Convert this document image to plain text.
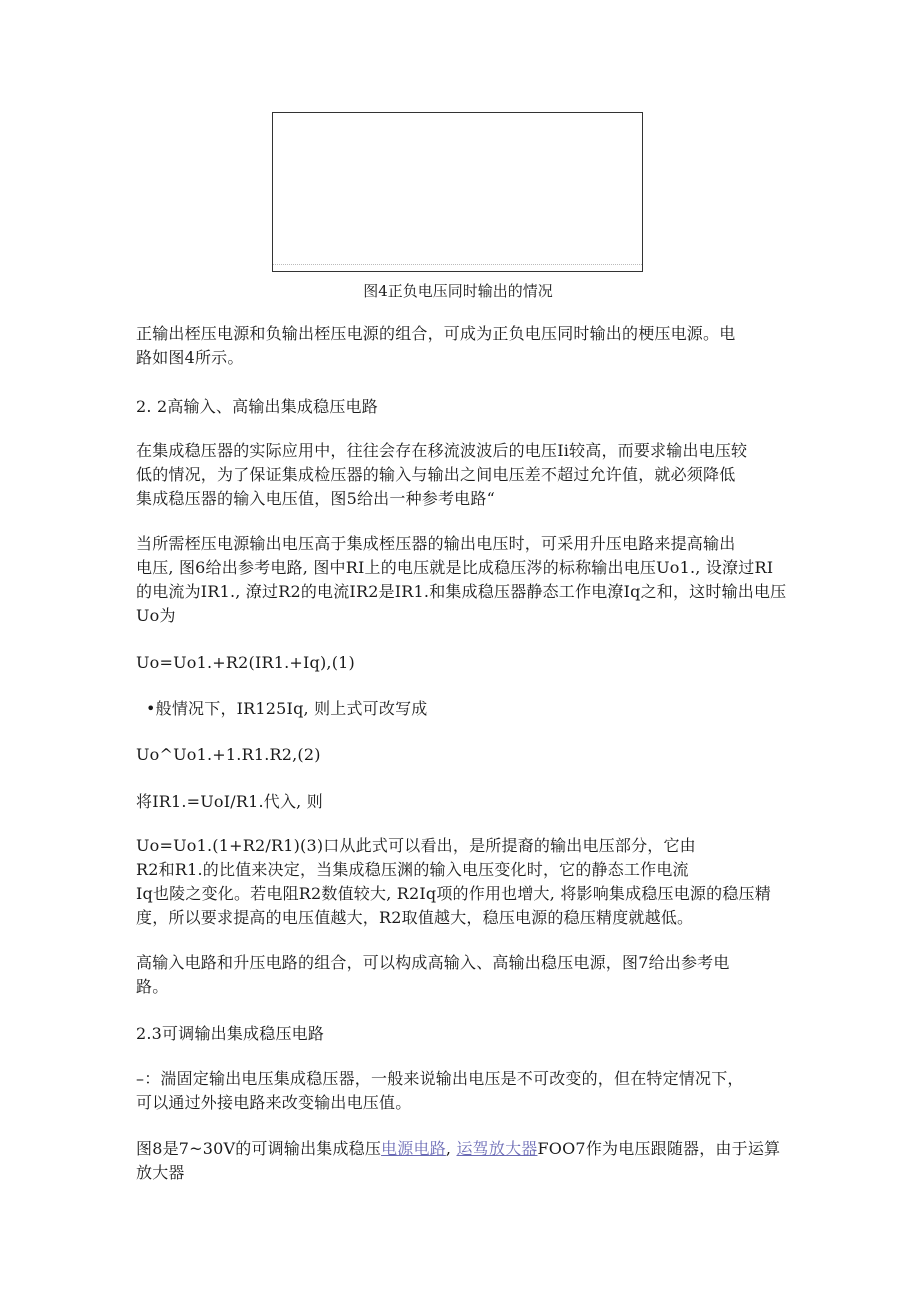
图4正负电压同时输出的情况
正输出桎压电源和负输出桎压电源的组合，可成为正负电压同时输出的梗压电源。电
路如图4所示。
2. 2高输入、高输出集成稳压电路
在集成稳压器的实际应用中，往往会存在移流波波后的电压Ii较高，而要求输出电压较
低的情况，为了保证集成检压器的输入与输出之间电压差不超过允许值，就必须降低
集成稳压器的输入电压值，图5给出一种参考电路“
当所需桎压电源输出电压高于集成桎压器的输出电压时，可采用升压电路来提高输出
电压, 图6给出参考电路, 图中RI上的电压就是比成稳压涔的标称输出电压Uo1., 设潦过RI
的电流为IR1., 潦过R2的电流IR2是IR1.和集成稳压器静态工作电潦Iq之和，这时输出电压
Uo为
Uo=Uo1.+R2(IR1.+Iq),(1)
•般情况下，IR125Iq, 则上式可改写成
Uo^Uo1.+1.R1.R2,(2)
将IR1.=UoI/R1.代入, 则
Uo=Uo1.(1+R2/R1)(3)口从此式可以看出，是所提裔的输出电压部分，它由
R2和R1.的比值来决定，当集成稳压渊的输入电压变化时，它的静态工作电流
Iq也陵之变化。若电阻R2数值较大, R2Iq项的作用也增大, 将影响集成稳压电源的稳压精
度，所以要求提高的电压值越大，R2取值越大，稳压电源的稳压精度就越低。
高输入电路和升压电路的组合，可以构成高输入、高输出稳压电源，图7给出参考电
路。
2.3可调输出集成稳压电路
–：湍固定输出电压集成稳压器，一般来说输出电压是不可改变的，但在特定情况下，
可以通过外接电路来改变输出电压值。
图8是7~30V的可调输出集成稳压电源电路, 运驾放大器FOO7作为电压跟随器，由于运算
放大器
